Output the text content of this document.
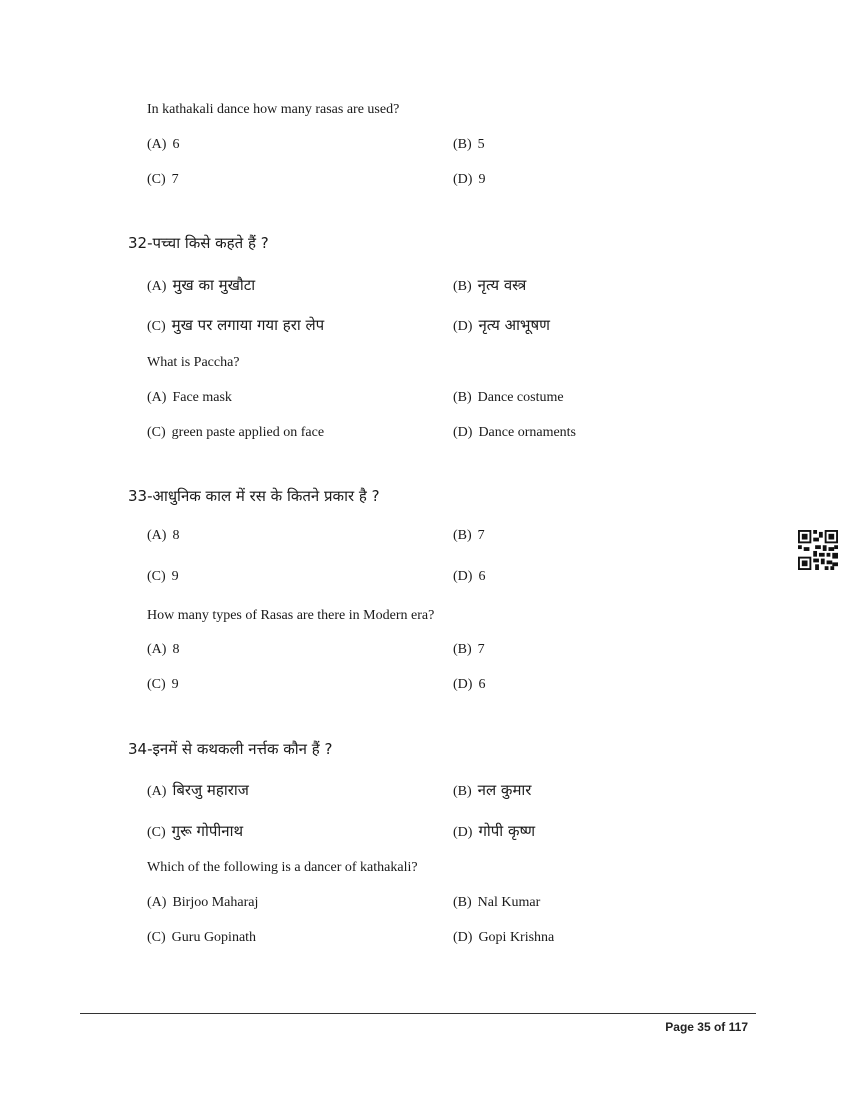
In kathakali dance how many rasas are used?
(A) 6	(B) 5
(C) 7	(D) 9
32-पच्चा किसे कहते हैं ?
(A) मुख का मुखौटा	(B) नृत्य वस्त्र
(C) मुख पर लगाया गया हरा लेप	(D) नृत्य आभूषण
What is Paccha?
(A) Face mask	(B) Dance costume
(C) green paste applied on face	(D) Dance ornaments
33-आधुनिक काल में रस के कितने प्रकार है ?
(A) 8	(B) 7
(C) 9	(D) 6
How many types of Rasas are there in Modern era?
(A) 8	(B) 7
(C) 9	(D) 6
34-इनमें से कथकली नर्त्तक कौन हैं ?
(A) बिरजु महाराज	(B) नल कुमार
(C) गुरू गोपीनाथ	(D) गोपी कृष्ण
Which of the following is a dancer of kathakali?
(A) Birjoo Maharaj	(B) Nal Kumar
(C) Guru Gopinath	(D) Gopi Krishna
Page 35 of 117
